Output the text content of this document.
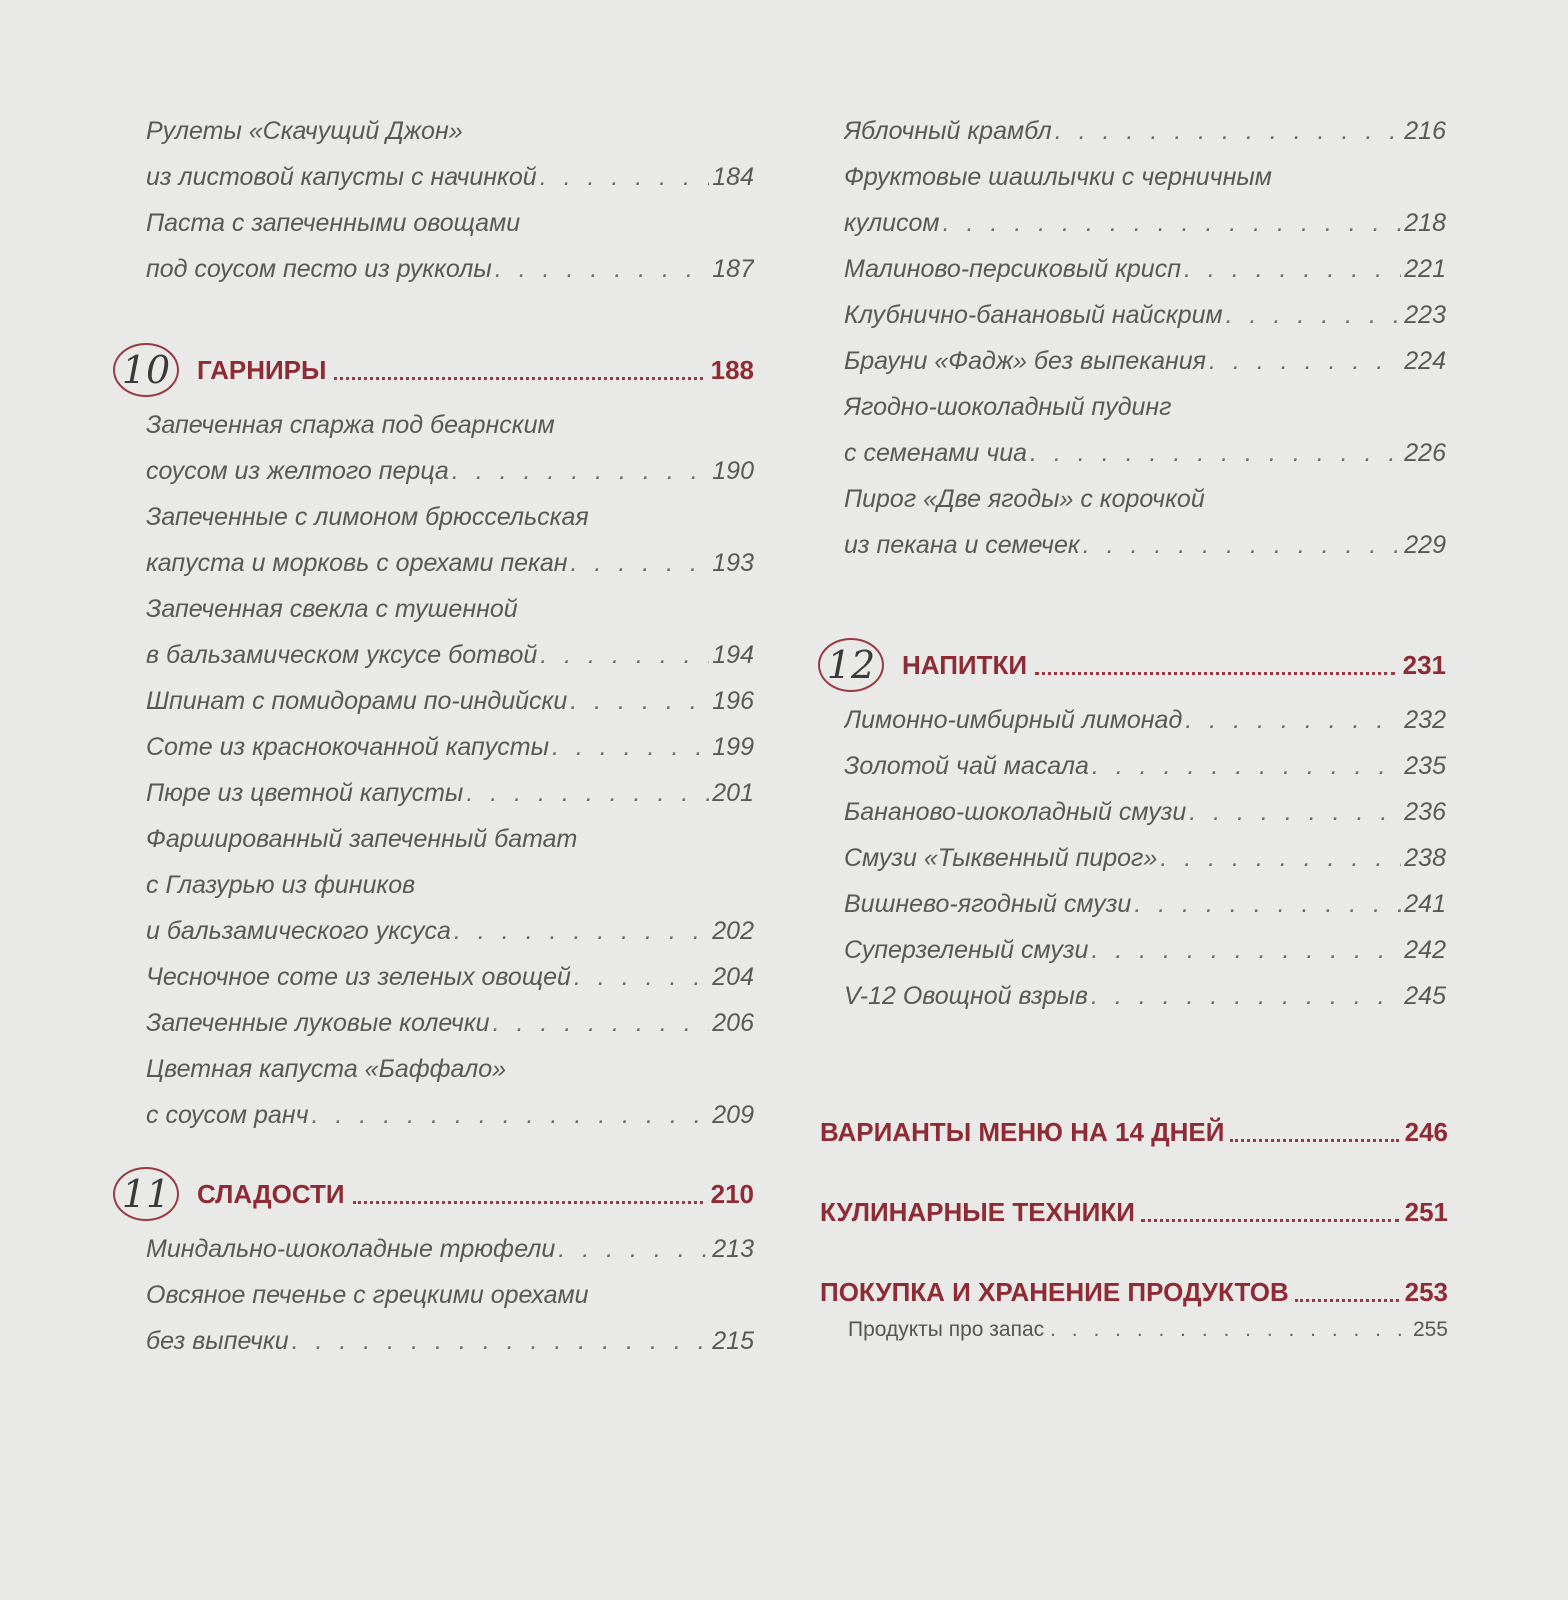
Рулеты «Скачущий Джон»
из листовой капусты с начинкой . . .	184
Паста с запеченными овощами
под соусом песто из рукколы . . .	187
10	ГАРНИРЫ	188
Запеченная спаржа под беарнским
соусом из желтого перца . . .	190
Запеченные с лимоном брюссельская
капуста и морковь с орехами пекан . . .	193
Запеченная свекла с тушенной
в бальзамическом уксусе ботвой . . .	194
Шпинат с помидорами по-индийски . . .	196
Соте из краснокочанной капусты . . .	199
Пюре из цветной капусты . . .	201
Фаршированный запеченный батат
с Глазурью из фиников
и бальзамического уксуса . . .	202
Чесночное соте из зеленых овощей . . .	204
Запеченные луковые колечки . . .	206
Цветная капуста «Баффало»
с соусом ранч . . .	209
11	СЛАДОСТИ	210
Миндально-шоколадные трюфели . . .	213
Овсяное печенье с грецкими орехами
без выпечки . . .	215
Яблочный крамбл . . .	216
Фруктовые шашлычки с черничным
кулисом . . .	218
Малиново-персиковый крисп . . .	221
Клубнично-банановый найскрим . . .	223
Брауни «Фадж» без выпекания . . .	224
Ягодно-шоколадный пудинг
с семенами чиа . . .	226
Пирог «Две ягоды» с корочкой
из пекана и семечек . . .	229
12	НАПИТКИ	231
Лимонно-имбирный лимонад . . .	232
Золотой чай масала . . .	235
Бананово-шоколадный смузи . . .	236
Смузи «Тыквенный пирог» . . .	238
Вишнево-ягодный смузи . . .	241
Суперзеленый смузи . . .	242
V-12 Овощной взрыв . . .	245
ВАРИАНТЫ МЕНЮ НА 14 ДНЕЙ	246
КУЛИНАРНЫЕ ТЕХНИКИ	251
ПОКУПКА И ХРАНЕНИЕ ПРОДУКТОВ	253
Продукты про запас . . .	255
